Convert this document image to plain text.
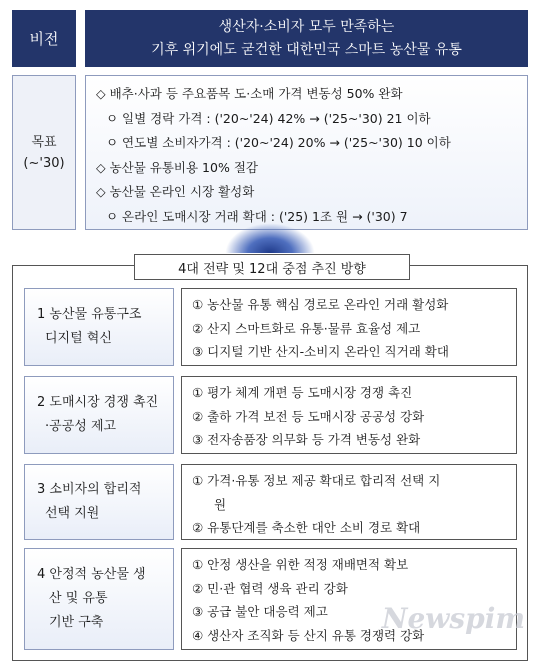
비전
생산자·소비자 모두 만족하는
기후 위기에도 굳건한 대한민국 스마트 농산물 유통
목표
(~'30)
◇ 배추·사과 등 주요품목 도·소매 가격 변동성 50% 완화
ㅇ 일별 경락 가격 : ('20~'24) 42% → ('25~'30) 21 이하
ㅇ 연도별 소비자가격 : ('20~'24) 20% → ('25~'30) 10 이하
◇ 농산물 유통비용 10% 절감
◇ 농산물 온라인 시장 활성화
ㅇ 온라인 도매시장 거래 확대 : ('25) 1조 원 → ('30) 7
4대 전략 및 12대 중점 추진 방향
1 농산물 유통구조
디지털 혁신
① 농산물 유통 핵심 경로로 온라인 거래 활성화
② 산지 스마트화로 유통·물류 효율성 제고
③ 디지털 기반 산지-소비지 온라인 직거래 확대
2 도매시장 경쟁 촉진
·공공성 제고
① 평가 체계 개편 등 도매시장 경쟁 촉진
② 출하 가격 보전 등 도매시장 공공성 강화
③ 전자송품장 의무화 등 가격 변동성 완화
3 소비자의 합리적
선택 지원
① 가격·유통 정보 제공 확대로 합리적 선택 지
원
② 유통단계를 축소한 대안 소비 경로 확대
4 안정적 농산물 생
산 및 유통
기반 구축
① 안정 생산을 위한 적정 재배면적 확보
② 민·관 협력 생육 관리 강화
③ 공급 불안 대응력 제고
④ 생산자 조직화 등 산지 유통 경쟁력 강화
Newspim
